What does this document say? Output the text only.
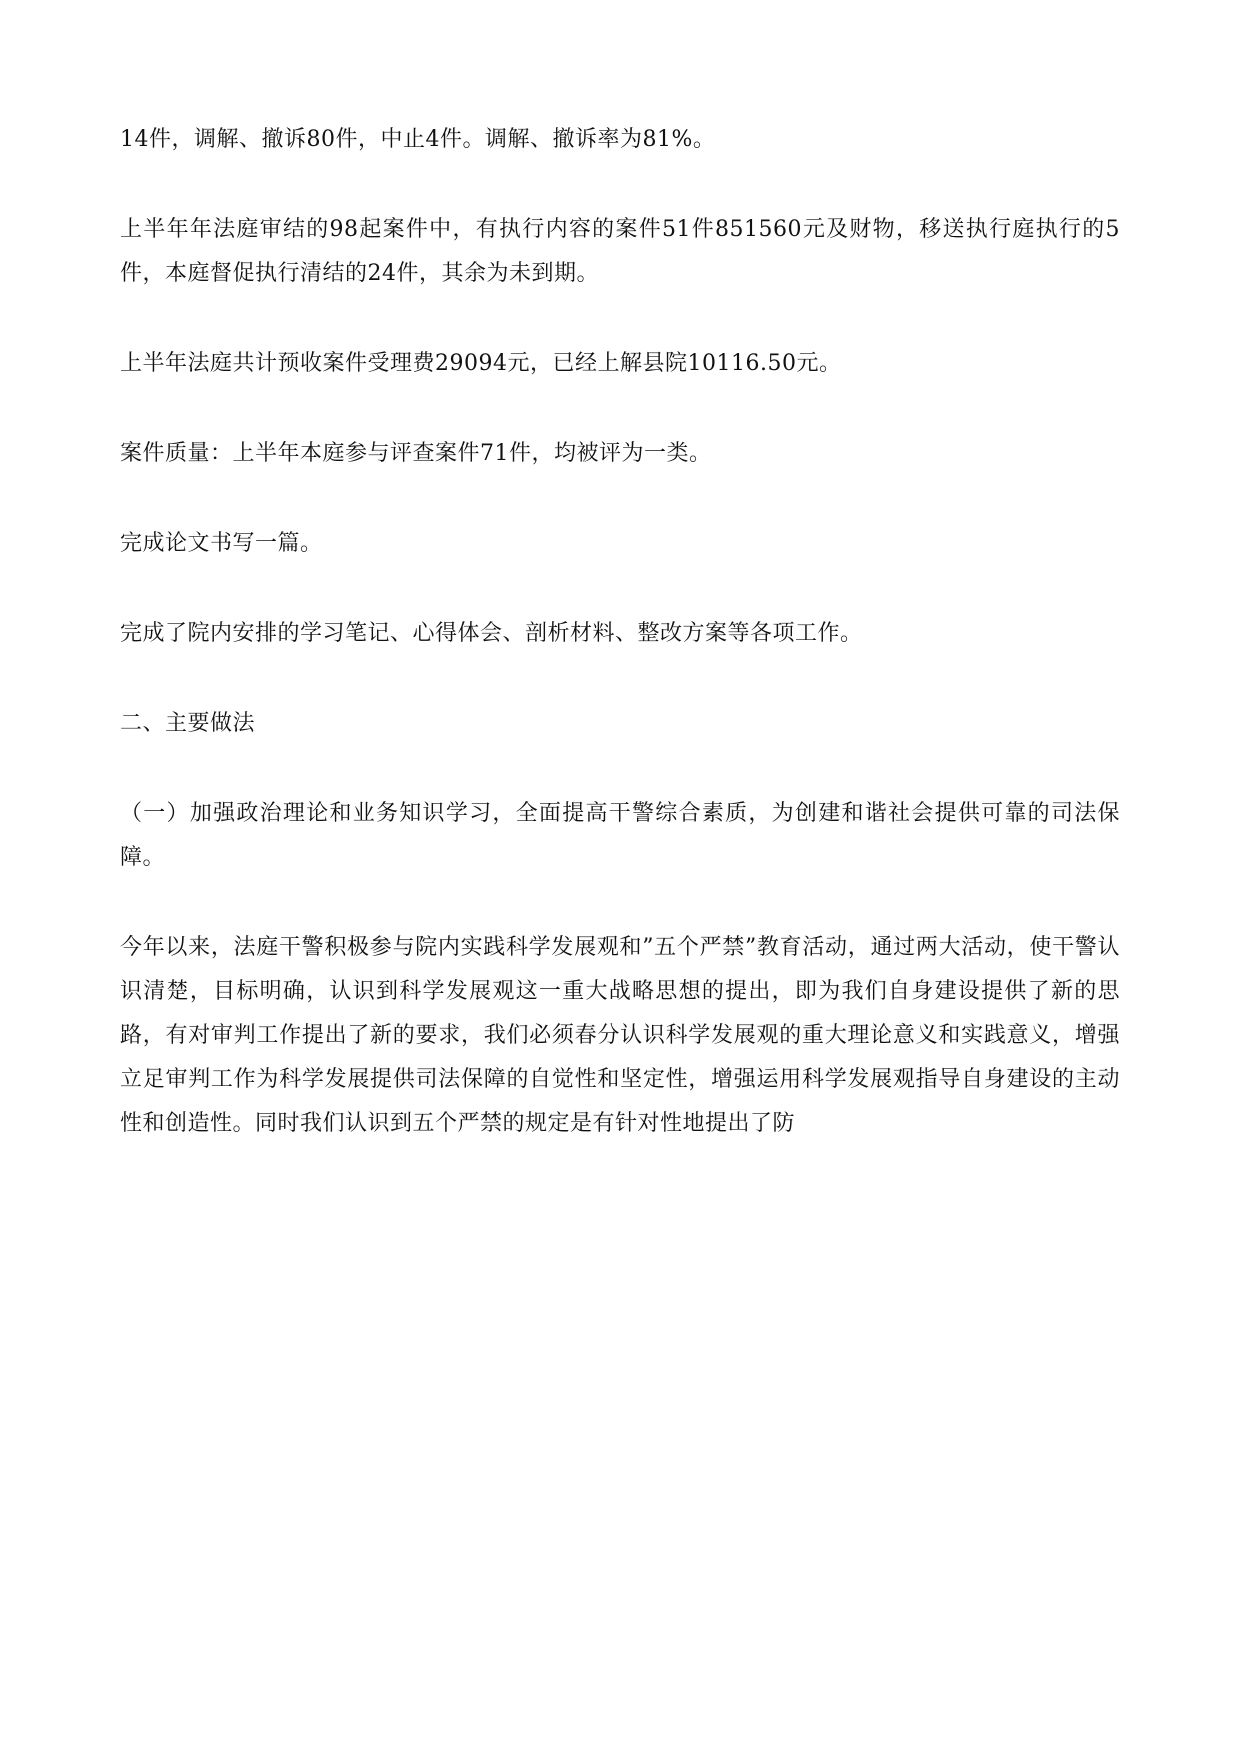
14件，调解、撤诉80件，中止4件。调解、撤诉率为81%。

上半年年法庭审结的98起案件中，有执行内容的案件51件851560元及财物，移送执行庭执行的5件，本庭督促执行清结的24件，其余为未到期。

上半年法庭共计预收案件受理费29094元，已经上解县院10116.50元。

案件质量：上半年本庭参与评查案件71件，均被评为一类。

完成论文书写一篇。

完成了院内安排的学习笔记、心得体会、剖析材料、整改方案等各项工作。

二、主要做法

（一）加强政治理论和业务知识学习，全面提高干警综合素质，为创建和谐社会提供可靠的司法保障。

今年以来，法庭干警积极参与院内实践科学发展观和”五个严禁”教育活动，通过两大活动，使干警认识清楚，目标明确，认识到科学发展观这一重大战略思想的提出，即为我们自身建设提供了新的思路，有对审判工作提出了新的要求，我们必须春分认识科学发展观的重大理论意义和实践意义，增强立足审判工作为科学发展提供司法保障的自觉性和坚定性，增强运用科学发展观指导自身建设的主动性和创造性。同时我们认识到五个严禁的规定是有针对性地提出了防
